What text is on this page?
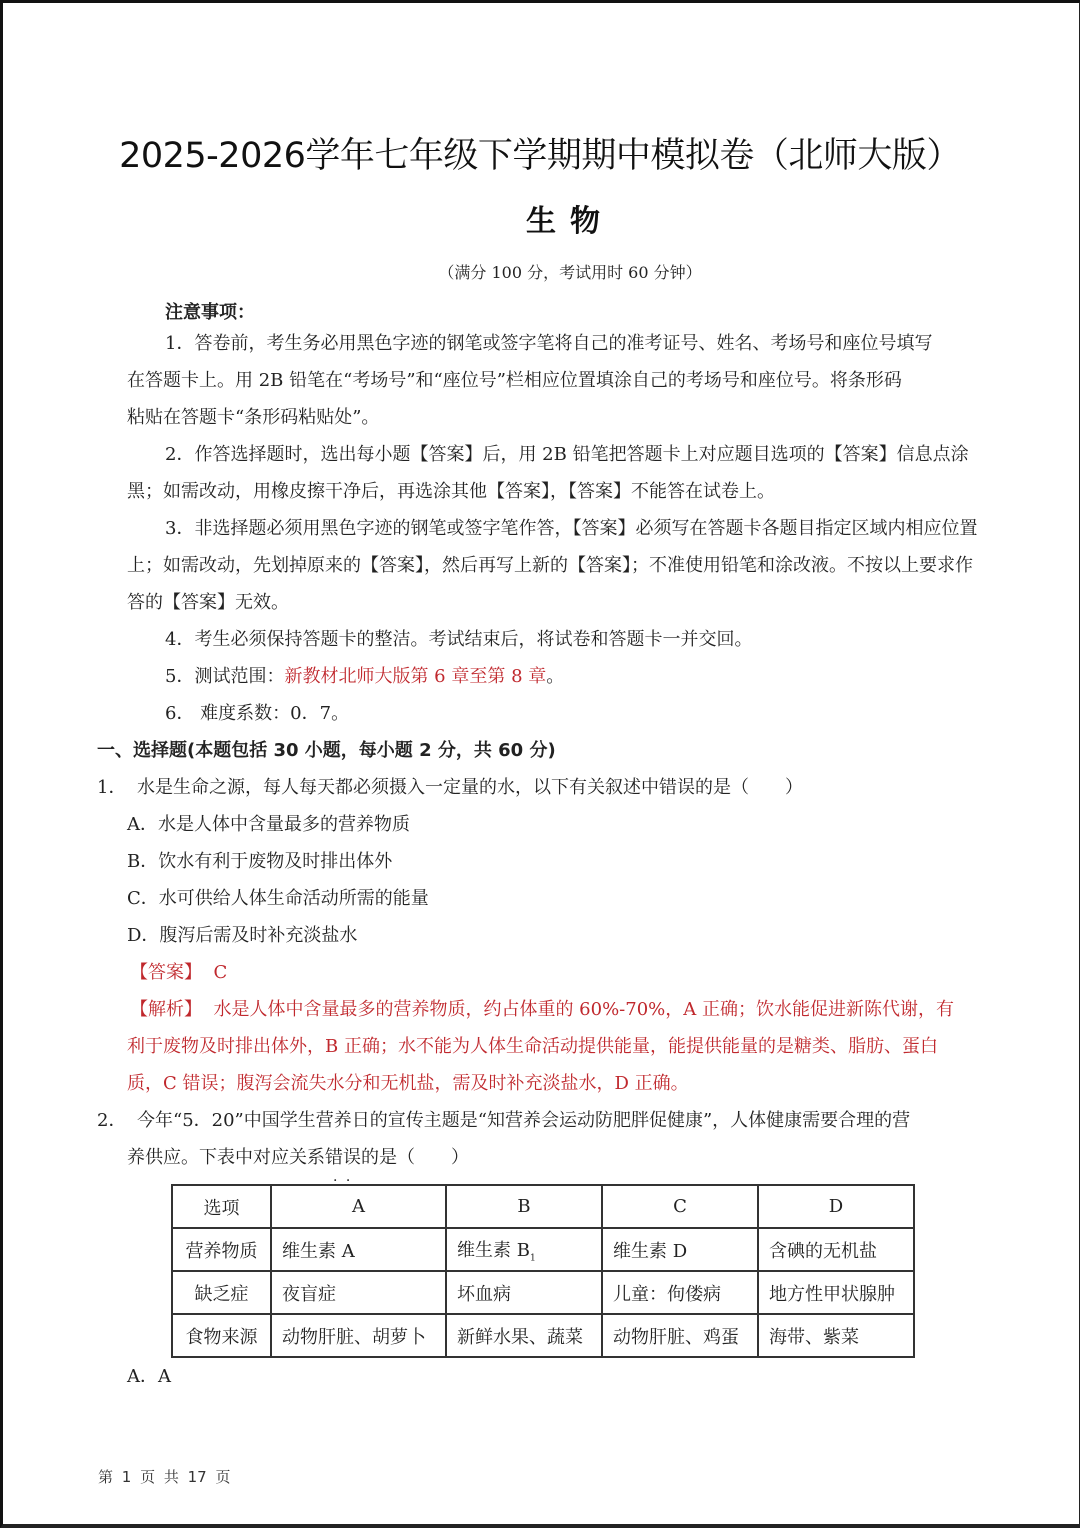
2025-2026学年七年级下学期期中模拟卷（北师大版）
生物
（满分 100 分，考试用时 60 分钟）
注意事项：
1．答卷前，考生务必用黑色字迹的钢笔或签字笔将自己的准考证号、姓名、考场号和座位号填写
在答题卡上。用 2B 铅笔在“考场号”和“座位号”栏相应位置填涂自己的考场号和座位号。将条形码
粘贴在答题卡“条形码粘贴处”。
2．作答选择题时，选出每小题【答案】后，用 2B 铅笔把答题卡上对应题目选项的【答案】信息点涂
黑；如需改动，用橡皮擦干净后，再选涂其他【答案】，【答案】不能答在试卷上。
3．非选择题必须用黑色字迹的钢笔或签字笔作答，【答案】必须写在答题卡各题目指定区域内相应位置
上；如需改动，先划掉原来的【答案】，然后再写上新的【答案】；不准使用铅笔和涂改液。不按以上要求作
答的【答案】无效。
4．考生必须保持答题卡的整洁。考试结束后，将试卷和答题卡一并交回。
5．测试范围：新教材北师大版第 6 章至第 8 章。
6． 难度系数：0．7。
一、选择题(本题包括 30 小题，每小题 2 分，共 60 分)
1． 水是生命之源，每人每天都必须摄入一定量的水，以下有关叙述中错误的是（　　）
A．水是人体中含量最多的营养物质
B．饮水有利于废物及时排出体外
C．水可供给人体生命活动所需的能量
D．腹泻后需及时补充淡盐水
【答案】 C
【解析】 水是人体中含量最多的营养物质，约占体重的 60%-70%，A 正确；饮水能促进新陈代谢，有
利于废物及时排出体外，B 正确；水不能为人体生命活动提供能量，能提供能量的是糖类、脂肪、蛋白
质，C 错误；腹泻会流失水分和无机盐，需及时补充淡盐水，D 正确。
2． 今年“5．20”中国学生营养日的宣传主题是“知营养会运动防肥胖促健康”，人体健康需要合理的营
养供应。下表中对应关系错误 · ·的是（　　）
选项	A	B	C	D
营养物质	维生素 A	维生素 $B_1$	维生素 D	含碘的无机盐
缺乏症	夜盲症	坏血病	儿童：佝偻病	地方性甲状腺肿
食物来源	动物肝脏、胡萝卜	新鲜水果、蔬菜	动物肝脏、鸡蛋	海带、紫菜
A．A
第 1 页 共 17 页
